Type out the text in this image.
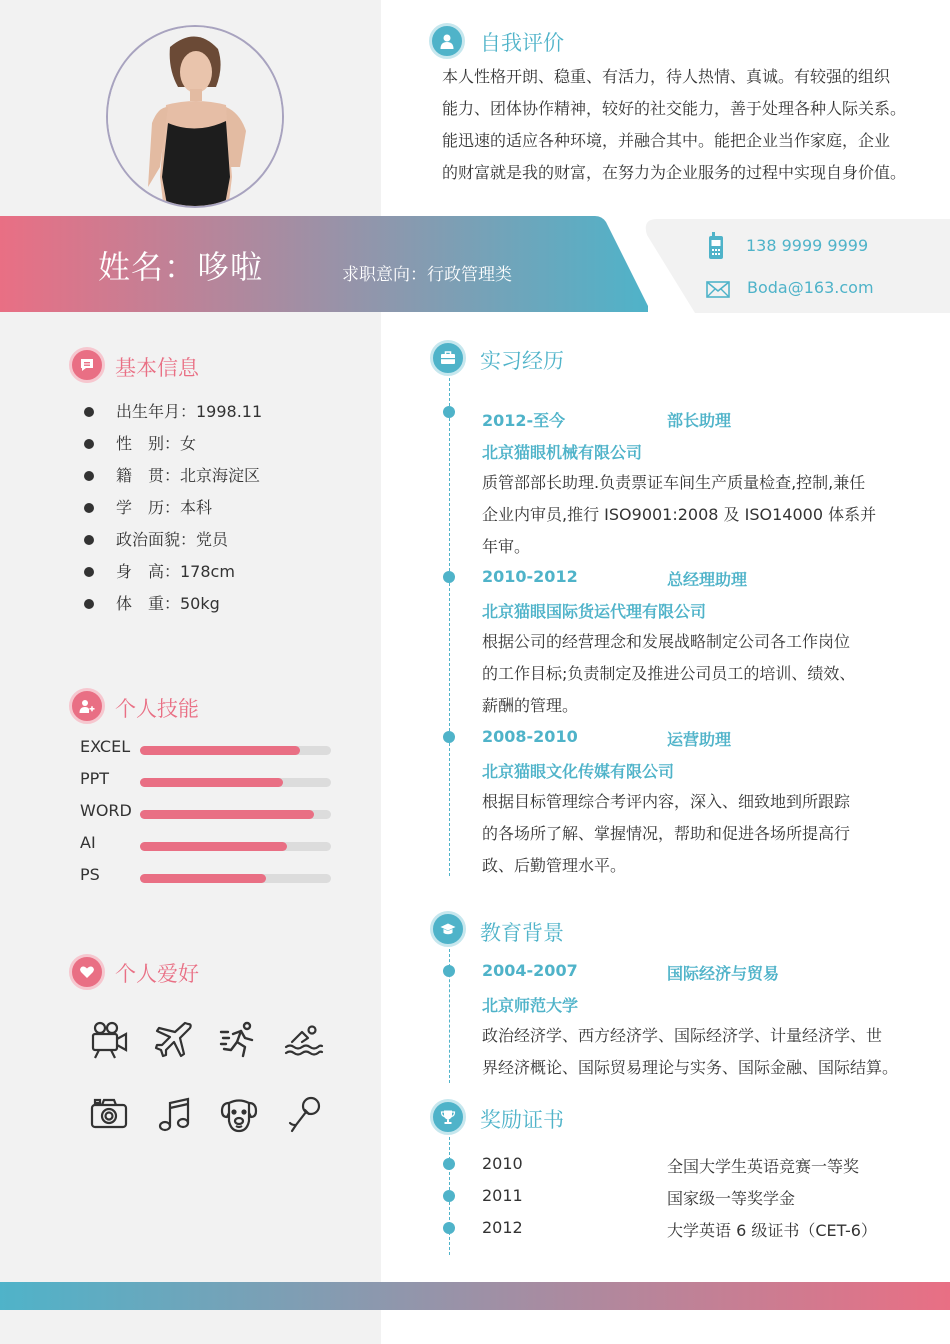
姓名：哆啦	求职意向：行政管理类
138 9999 9999
Boda@163.com
自我评价
本人性格开朗、稳重、有活力，待人热情、真诚。有较强的组织
能力、团体协作精神，较好的社交能力，善于处理各种人际关系。
能迅速的适应各种环境，并融合其中。能把企业当作家庭，企业
的财富就是我的财富，在努力为企业服务的过程中实现自身价值。
基本信息
出生年月：1998.11
性　别：女
籍　贯：北京海淀区
学　历：本科
政治面貌：党员
身　高：178cm
体　重：50kg
个人技能
EXCEL
PPT
WORD
AI
PS
个人爱好
实习经历
2012-至今	部长助理
北京猫眼机械有限公司
质管部部长助理.负责票证车间生产质量检查,控制,兼任
企业内审员,推行 ISO9001:2008 及 ISO14000 体系并
年审。
2010-2012	总经理助理
北京猫眼国际货运代理有限公司
根据公司的经营理念和发展战略制定公司各工作岗位
的工作目标;负责制定及推进公司员工的培训、绩效、
薪酬的管理。
2008-2010	运营助理
北京猫眼文化传媒有限公司
根据目标管理综合考评内容，深入、细致地到所跟踪
的各场所了解、掌握情况，帮助和促进各场所提高行
政、后勤管理水平。
教育背景
2004-2007	国际经济与贸易
北京师范大学
政治经济学、西方经济学、国际经济学、计量经济学、世
界经济概论、国际贸易理论与实务、国际金融、国际结算。
奖励证书
2010	全国大学生英语竞赛一等奖
2011	国家级一等奖学金
2012	大学英语 6 级证书（CET-6）
